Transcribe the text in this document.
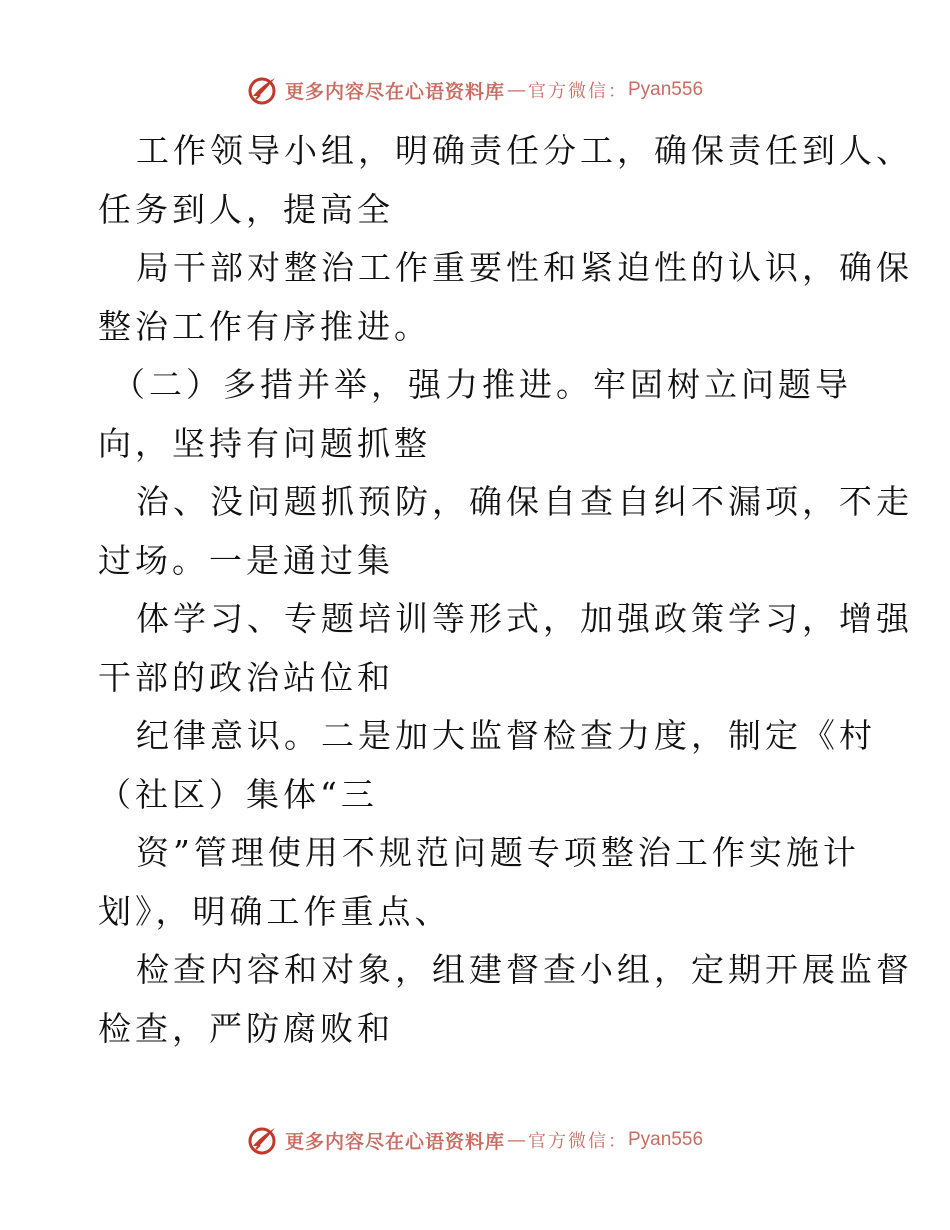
更多内容尽在心语资料库 — 官方微信： Pyan556
工作领导小组，明确责任分工，确保责任到人、
任务到人，提高全
局干部对整治工作重要性和紧迫性的认识，确保
整治工作有序推进。
（二）多措并举，强力推进。牢固树立问题导
向，坚持有问题抓整
治、没问题抓预防，确保自查自纠不漏项，不走
过场。一是通过集
体学习、专题培训等形式，加强政策学习，增强
干部的政治站位和
纪律意识。二是加大监督检查力度，制定《村
（社区）集体“三
资”管理使用不规范问题专项整治工作实施计
划》，明确工作重点、
检查内容和对象，组建督查小组，定期开展监督
检查，严防腐败和
更多内容尽在心语资料库 — 官方微信： Pyan556
